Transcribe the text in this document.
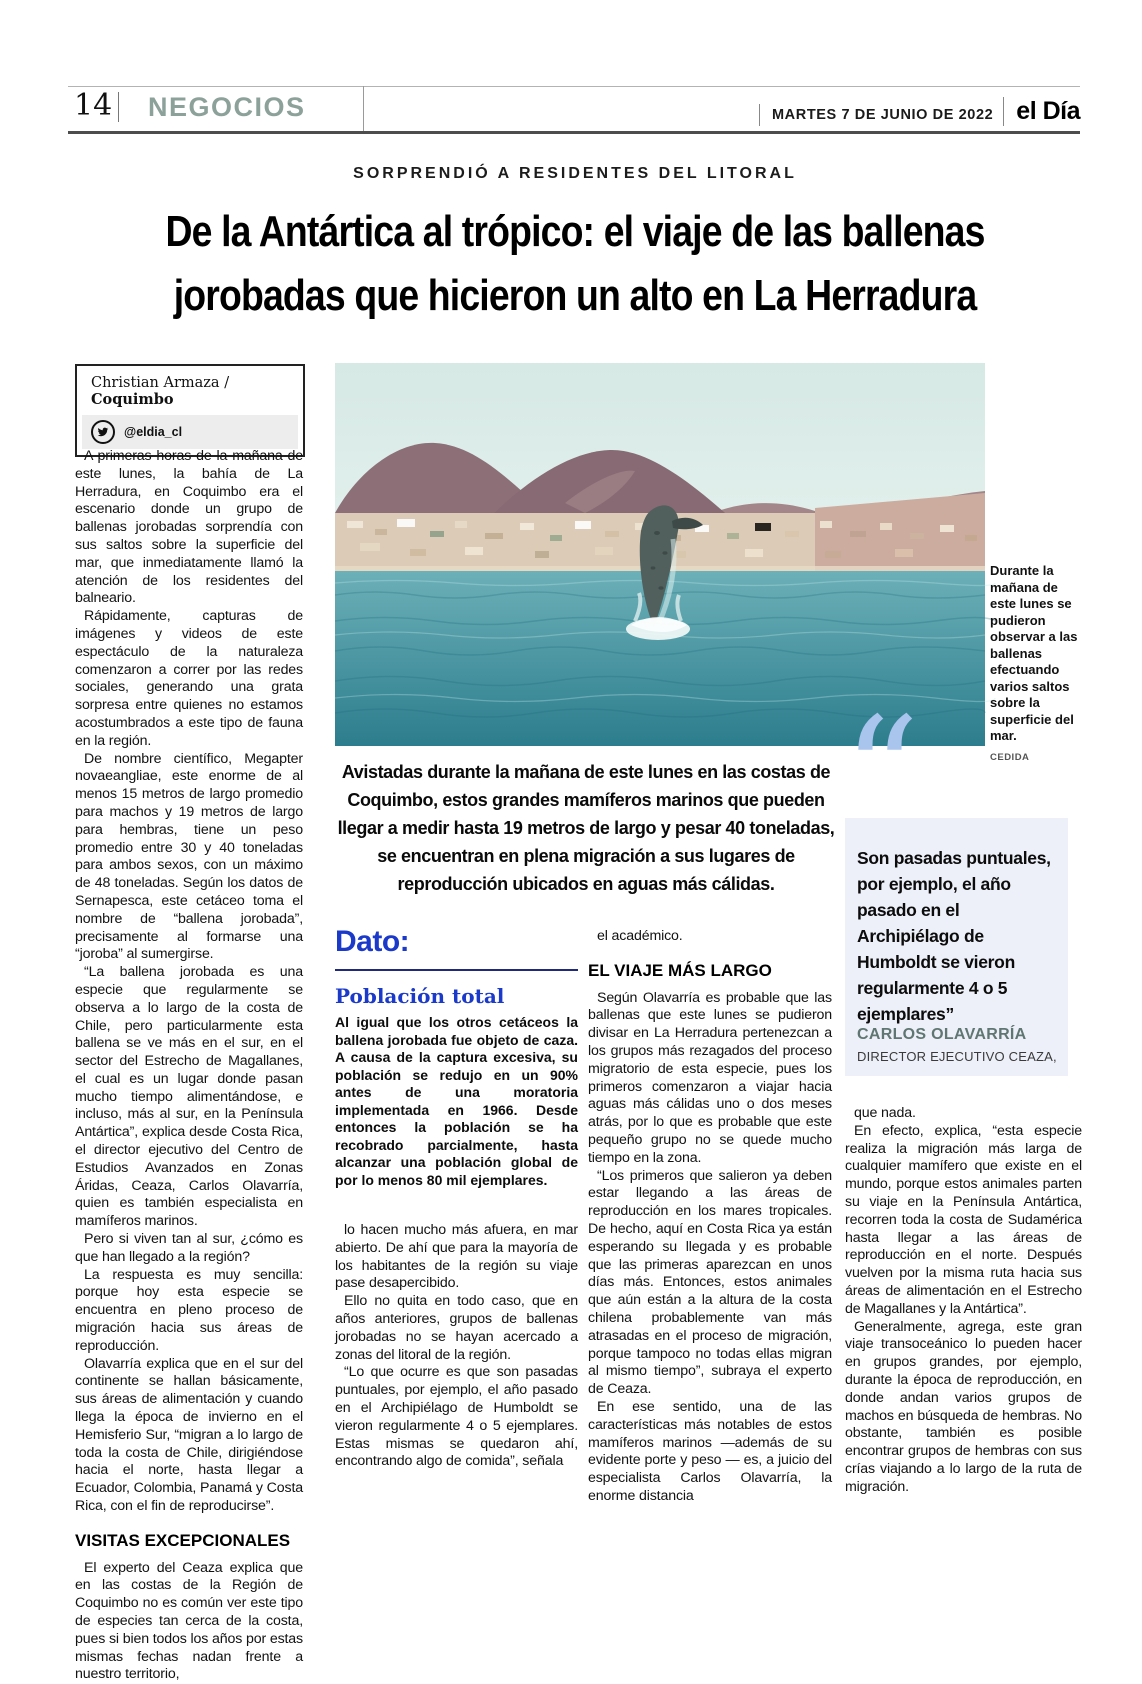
14 NEGOCIOS	MARTES 7 DE JUNIO DE 2022 el Día
SORPRENDIÓ A RESIDENTES DEL LITORAL
De la Antártica al trópico: el viaje de las ballenas
jorobadas que hicieron un alto en La Herradura
Christian Armaza / Coquimbo
@eldia_cl
Durante la mañana de este lunes se pudieron observar a las ballenas efectuando varios saltos sobre la superficie del mar.
CEDIDA
Avistadas durante la mañana de este lunes en las costas de Coquimbo, estos grandes mamíferos marinos que pueden llegar a medir hasta 19 metros de largo y pesar 40 toneladas, se encuentran en plena migración a sus lugares de reproducción ubicados en aguas más cálidas.
“
Son pasadas puntuales, por ejemplo, el año pasado en el Archipiélago de Humboldt se vieron regularmente 4 o 5 ejemplares”
CARLOS OLAVARRÍA
DIRECTOR EJECUTIVO CEAZA,
Dato:
Población total
Al igual que los otros cetáceos la ballena jorobada fue objeto de caza. A causa de la captura excesiva, su población se redujo en un 90% antes de una moratoria implementada en 1966. Desde entonces la población se ha recobrado parcialmente, hasta alcanzar una población global de por lo menos 80 mil ejemplares.

A primeras horas de la mañana de este lunes, la bahía de La Herradura, en Coquimbo era el escenario donde un grupo de ballenas jorobadas sorprendía con sus saltos sobre la superficie del mar, que inmediatamente llamó la atención de los residentes del balneario.

Rápidamente, capturas de imágenes y videos de este espectáculo de la naturaleza comenzaron a correr por las redes sociales, generando una grata sorpresa entre quienes no estamos acostumbrados a este tipo de fauna en la región.

De nombre científico, Megapter novaeangliae, este enorme de al menos 15 metros de largo promedio para machos y 19 metros de largo para hembras, tiene un peso promedio entre 30 y 40 toneladas para ambos sexos, con un máximo de 48 toneladas. Según los datos de Sernapesca, este cetáceo toma el nombre de “ballena jorobada”, precisamente al formarse una “joroba” al sumergirse.

“La ballena jorobada es una especie que regularmente se observa a lo largo de la costa de Chile, pero particularmente esta ballena se ve más en el sur, en el sector del Estrecho de Magallanes, el cual es un lugar donde pasan mucho tiempo alimentándose, e incluso, más al sur, en la Península Antártica”, explica desde Costa Rica, el director ejecutivo del Centro de Estudios Avanzados en Zonas Áridas, Ceaza, Carlos Olavarría, quien es también especialista en mamíferos marinos.

Pero si viven tan al sur, ¿cómo es que han llegado a la región?

La respuesta es muy sencilla: porque hoy esta especie se encuentra en pleno proceso de migración hacia sus áreas de reproducción.

Olavarría explica que en el sur del continente se hallan básicamente, sus áreas de alimentación y cuando llega la época de invierno en el Hemisferio Sur, “migran a lo largo de toda la costa de Chile, dirigiéndose hacia el norte, hasta llegar a Ecuador, Colombia, Panamá y Costa Rica, con el fin de reproducirse”.

VISITAS EXCEPCIONALES

El experto del Ceaza explica que en las costas de la Región de Coquimbo no es común ver este tipo de especies tan cerca de la costa, pues si bien todos los años por estas mismas fechas nadan frente a nuestro territorio,

lo hacen mucho más afuera, en mar abierto. De ahí que para la mayoría de los habitantes de la región su viaje pase desapercibido.

Ello no quita en todo caso, que en años anteriores, grupos de ballenas jorobadas no se hayan acercado a zonas del litoral de la región.

“Lo que ocurre es que son pasadas puntuales, por ejemplo, el año pasado en el Archipiélago de Humboldt se vieron regularmente 4 o 5 ejemplares. Estas mismas se quedaron ahí, encontrando algo de comida”, señala

el académico.

EL VIAJE MÁS LARGO

Según Olavarría es probable que las ballenas que este lunes se pudieron divisar en La Herradura pertenezcan a los grupos más rezagados del proceso migratorio de esta especie, pues los primeros comenzaron a viajar hacia aguas más cálidas uno o dos meses atrás, por lo que es probable que este pequeño grupo no se quede mucho tiempo en la zona.

“Los primeros que salieron ya deben estar llegando a las áreas de reproducción en los mares tropicales. De hecho, aquí en Costa Rica ya están esperando su llegada y es probable que las primeras aparezcan en unos días más. Entonces, estos animales que aún están a la altura de la costa chilena probablemente van más atrasadas en el proceso de migración, porque tampoco no todas ellas migran al mismo tiempo”, subraya el experto de Ceaza.

En ese sentido, una de las características más notables de estos mamíferos marinos —además de su evidente porte y peso — es, a juicio del especialista Carlos Olavarría, la enorme distancia

que nada.

En efecto, explica, “esta especie realiza la migración más larga de cualquier mamífero que existe en el mundo, porque estos animales parten su viaje en la Península Antártica, recorren toda la costa de Sudamérica hasta llegar a las áreas de reproducción en el norte. Después vuelven por la misma ruta hacia sus áreas de alimentación en el Estrecho de Magallanes y la Antártica”.

Generalmente, agrega, este gran viaje transoceánico lo pueden hacer en grupos grandes, por ejemplo, durante la época de reproducción, en donde andan varios grupos de machos en búsqueda de hembras. No obstante, también es posible encontrar grupos de hembras con sus crías viajando a lo largo de la ruta de migración.
